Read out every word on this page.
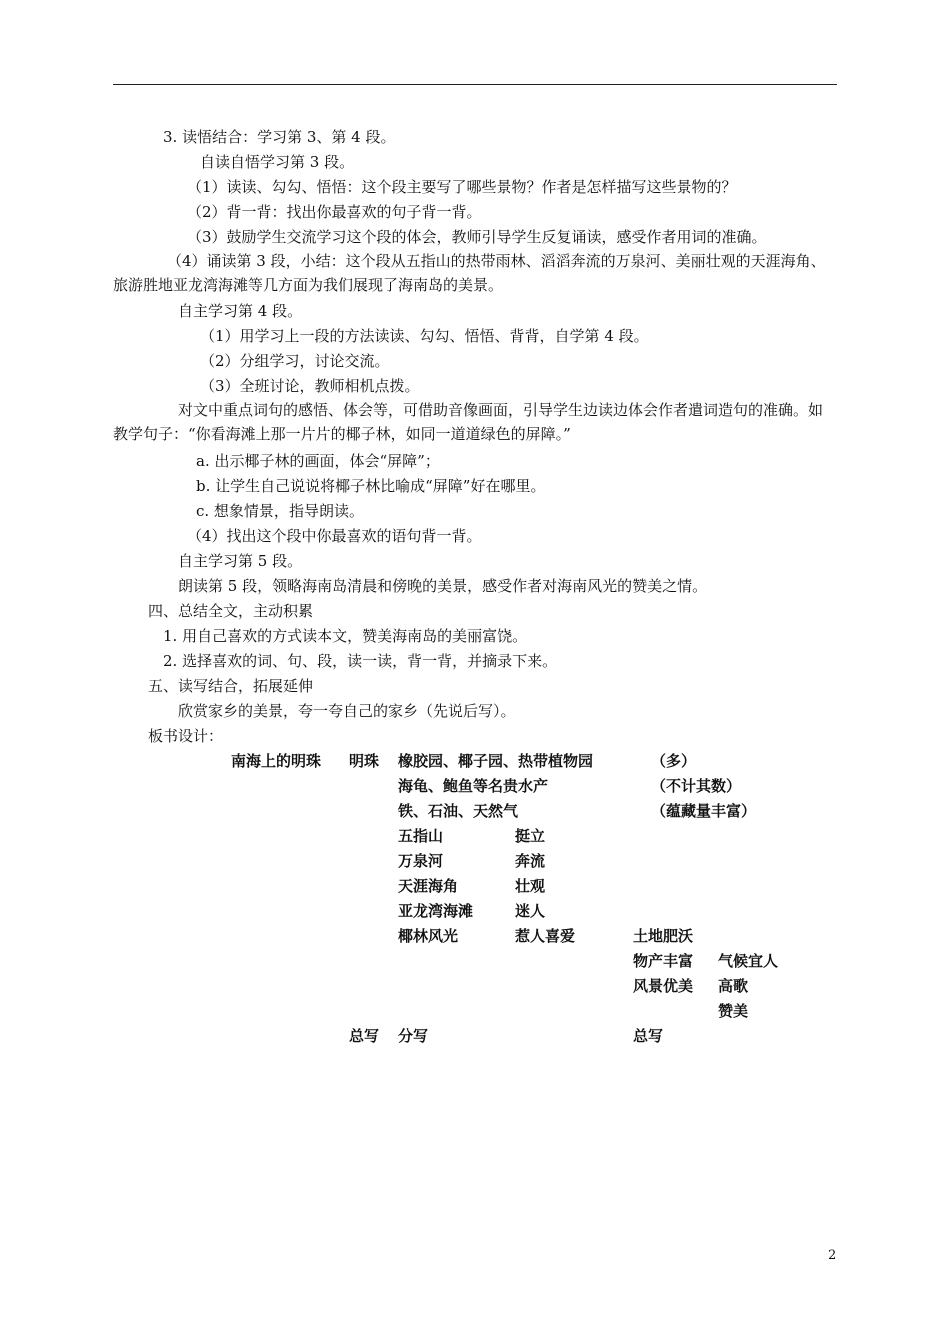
3. 读悟结合：学习第 3、第 4 段。
自读自悟学习第 3 段。
（1）读读、勾勾、悟悟：这个段主要写了哪些景物？作者是怎样描写这些景物的？
（2）背一背：找出你最喜欢的句子背一背。
（3）鼓励学生交流学习这个段的体会，教师引导学生反复诵读，感受作者用词的准确。
（4）诵读第 3 段，小结：这个段从五指山的热带雨林、滔滔奔流的万泉河、美丽壮观的天涯海角、旅游胜地亚龙湾海滩等几方面为我们展现了海南岛的美景。
自主学习第 4 段。
（1）用学习上一段的方法读读、勾勾、悟悟、背背，自学第 4 段。
（2）分组学习，讨论交流。
（3）全班讨论，教师相机点拨。
对文中重点词句的感悟、体会等，可借助音像画面，引导学生边读边体会作者遣词造句的准确。如教学句子：“你看海滩上那一片片的椰子林，如同一道道绿色的屏障。”
a. 出示椰子林的画面，体会“屏障”；
b. 让学生自己说说将椰子林比喻成“屏障”好在哪里。
c. 想象情景，指导朗读。
（4）找出这个段中你最喜欢的语句背一背。
自主学习第 5 段。
朗读第 5 段，领略海南岛清晨和傍晚的美景，感受作者对海南风光的赞美之情。
四、总结全文，主动积累
1. 用自己喜欢的方式读本文，赞美海南岛的美丽富饶。
2. 选择喜欢的词、句、段，读一读，背一背，并摘录下来。
五、读写结合，拓展延伸
欣赏家乡的美景，夸一夸自己的家乡（先说后写）。
板书设计：
南海上的明珠 明珠 橡胶园、椰子园、热带植物园	（多）
海龟、鲍鱼等名贵水产	（不计其数）
铁、石油、天然气	（蕴藏量丰富）
五指山	挺立
万泉河	奔流
天涯海角	壮观
亚龙湾海滩	迷人
椰林风光	惹人喜爱	土地肥沃
物产丰富 气候宜人
风景优美 高歌
赞美
总写 分写	总写
2
